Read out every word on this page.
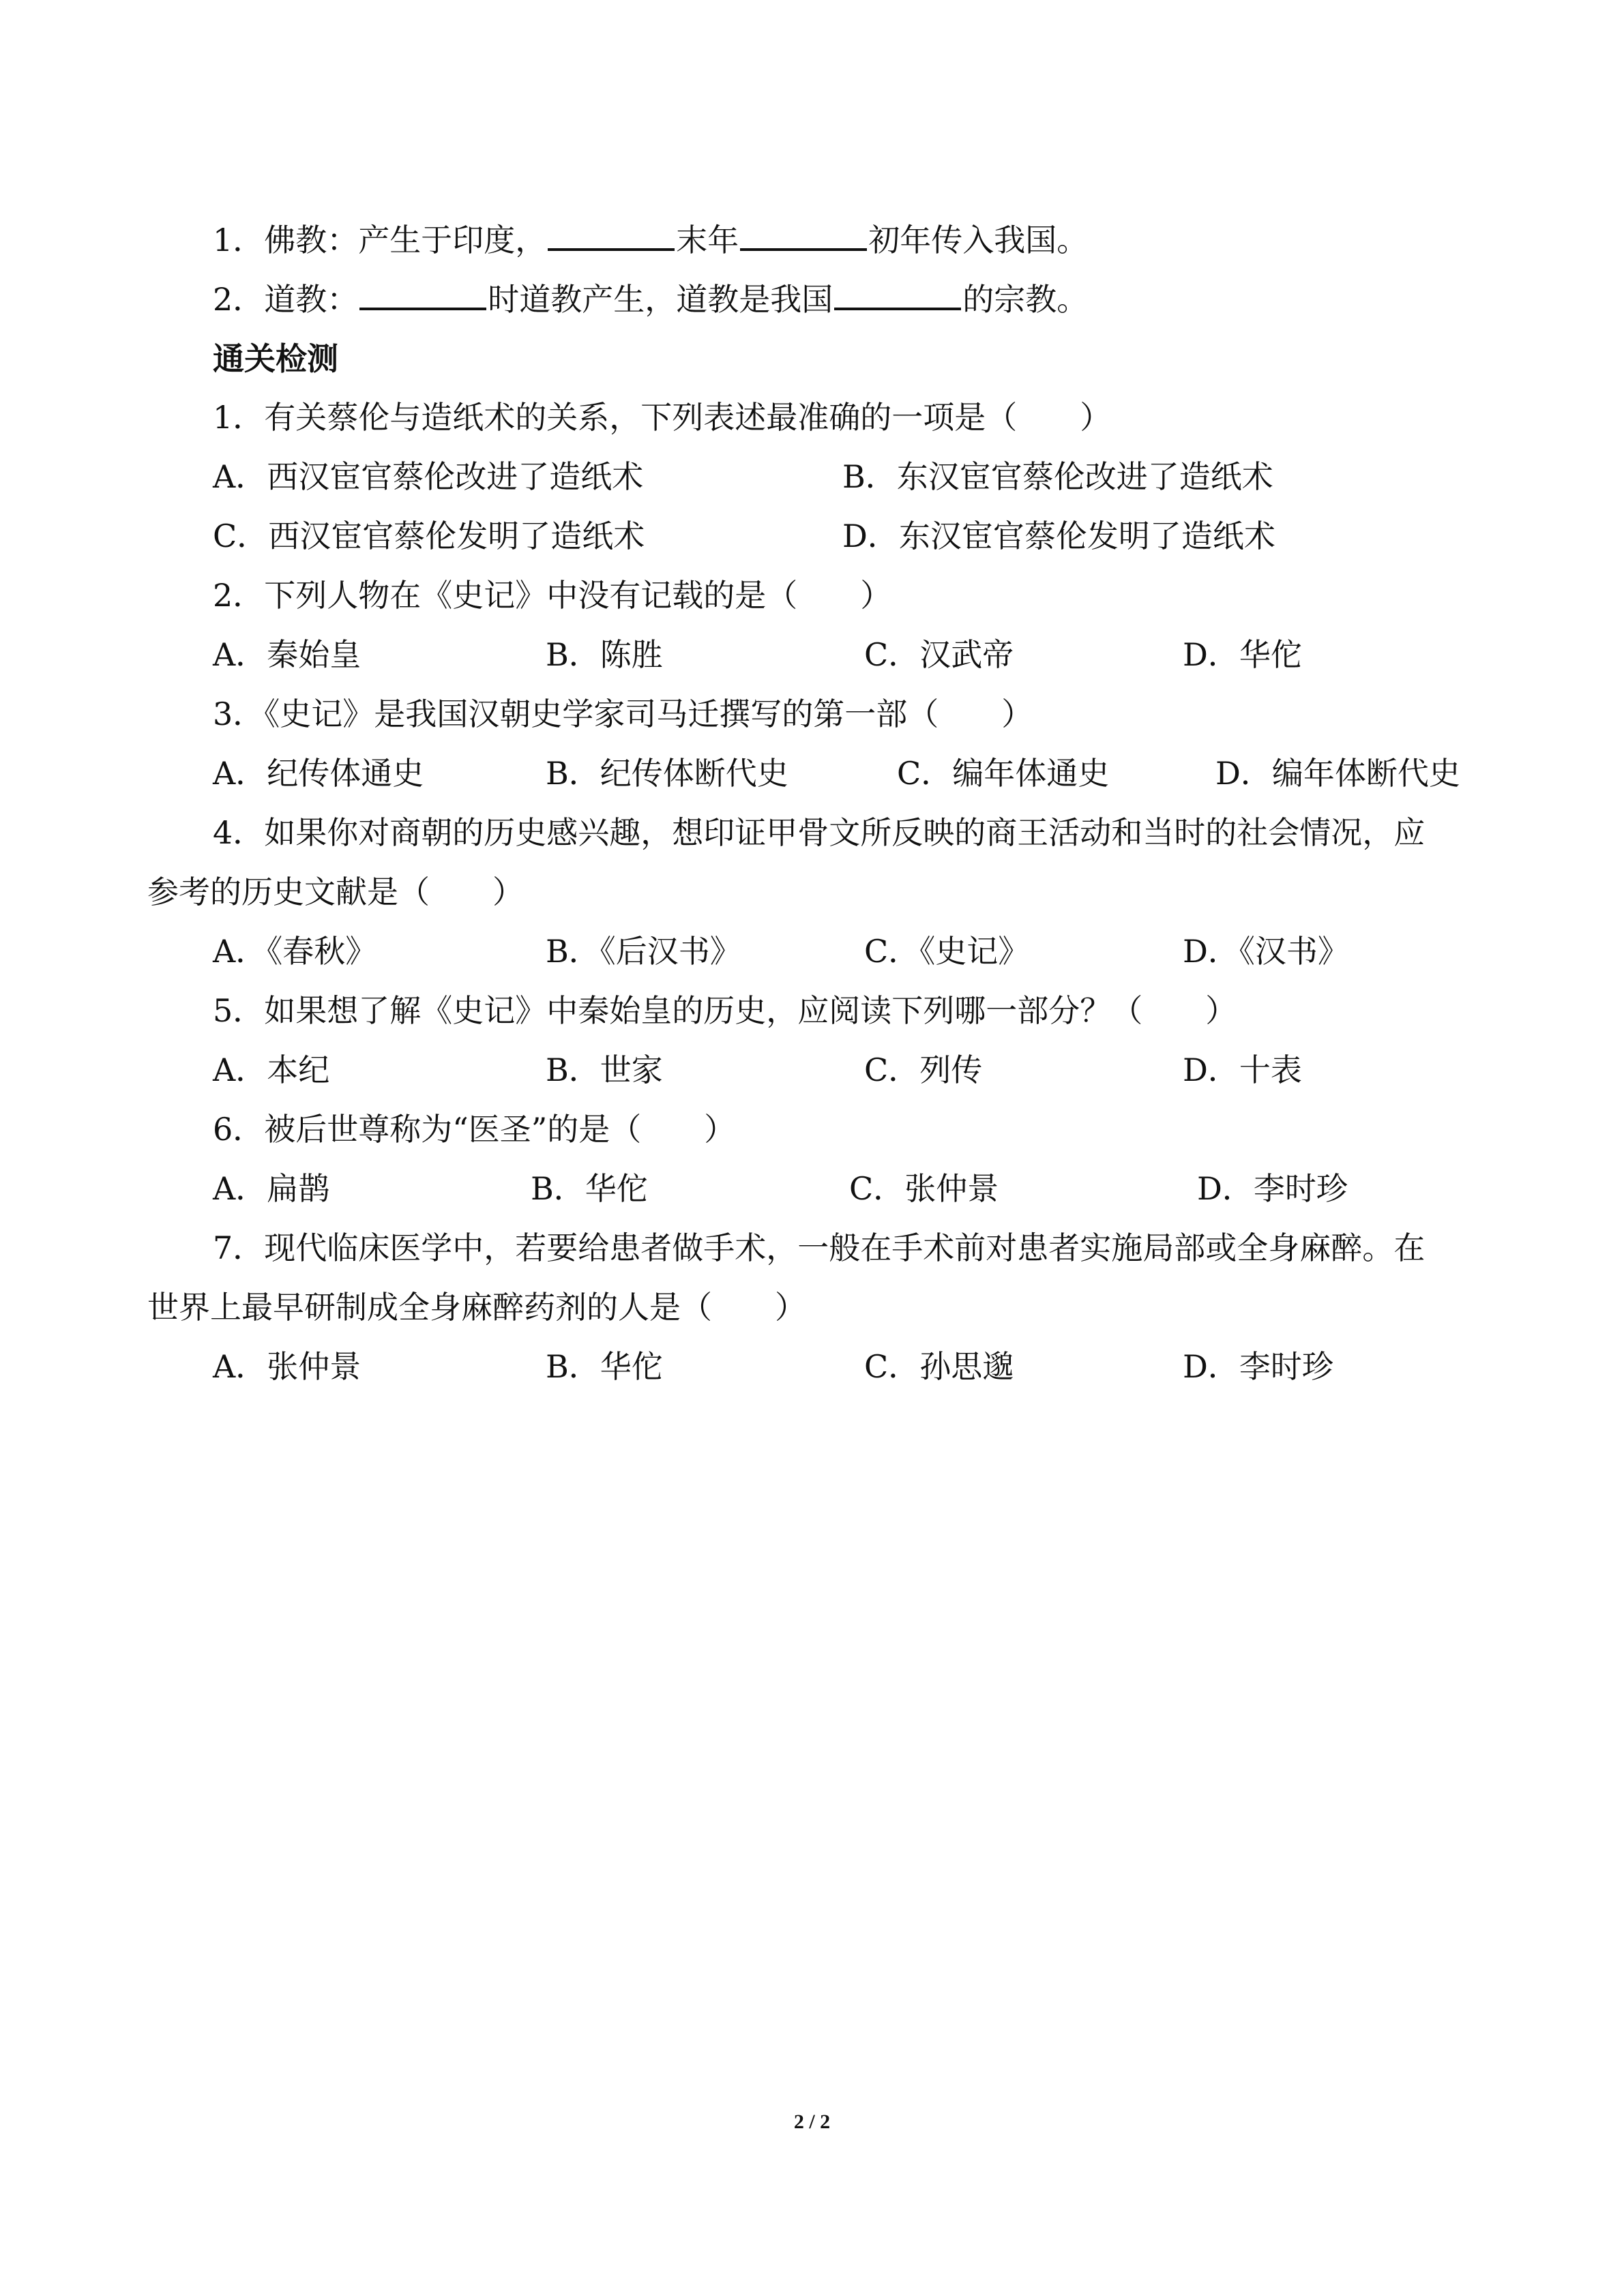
1．佛教：产生于印度，	末年	初年传入我国。
2．道教：	时道教产生，道教是我国	的宗教。
通关检测
1．有关蔡伦与造纸术的关系，下列表述最准确的一项是（　　）
A．西汉宦官蔡伦改进了造纸术	B．东汉宦官蔡伦改进了造纸术
C．西汉宦官蔡伦发明了造纸术	D．东汉宦官蔡伦发明了造纸术
2．下列人物在《史记》中没有记载的是（　　）
A．秦始皇	B．陈胜	C．汉武帝	D．华佗
3．《史记》是我国汉朝史学家司马迁撰写的第一部（　　）
A．纪传体通史	B．纪传体断代史	C．编年体通史	D．编年体断代史
4．如果你对商朝的历史感兴趣，想印证甲骨文所反映的商王活动和当时的社会情况，应
参考的历史文献是（　　）
A．《春秋》	B．《后汉书》	C．《史记》	D．《汉书》
5．如果想了解《史记》中秦始皇的历史，应阅读下列哪一部分？（　　）
A．本纪	B．世家	C．列传	D．十表
6．被后世尊称为“医圣”的是（　　）
A．扁鹊	B．华佗	C．张仲景	D．李时珍
7．现代临床医学中，若要给患者做手术，一般在手术前对患者实施局部或全身麻醉。在
世界上最早研制成全身麻醉药剂的人是（　　）
A．张仲景	B．华佗	C．孙思邈	D．李时珍
2 / 2
